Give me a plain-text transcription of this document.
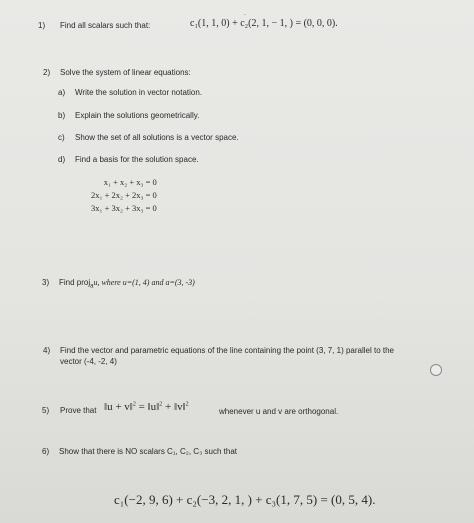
-
1) Find all scalars such that:	c₁(1, 1, 0) + c₂(2, 1, − 1, ) = (0, 0, 0).
2) Solve the system of linear equations:
a) Write the solution in vector notation.
b) Explain the solutions geometrically.
c) Show the set of all solutions is a vector space.
d) Find a basis for the solution space.
x₁ + x₂ + x₃ = 0
2x₁ + 2x₂ + 2x₃ = 0
3x₁ + 3x₂ + 3x₃ = 0
3) Find proj$_a$u, where u=(1, 4) and a=(3, -3)
4) Find the vector and parametric equations of the line containing the point (3, 7, 1) parallel to the
vector (-4, -2, 4)
5) Prove that ‖u + v‖$^2$ = ‖u‖$^2$ + ‖v‖$^2$
whenever u and v are orthogonal.
6) Show that there is NO scalars C₁, C₂, C₃ such that
c₁(−2, 9, 6) + c₂(−3, 2, 1, ) + c₃(1, 7, 5) = (0, 5, 4).
